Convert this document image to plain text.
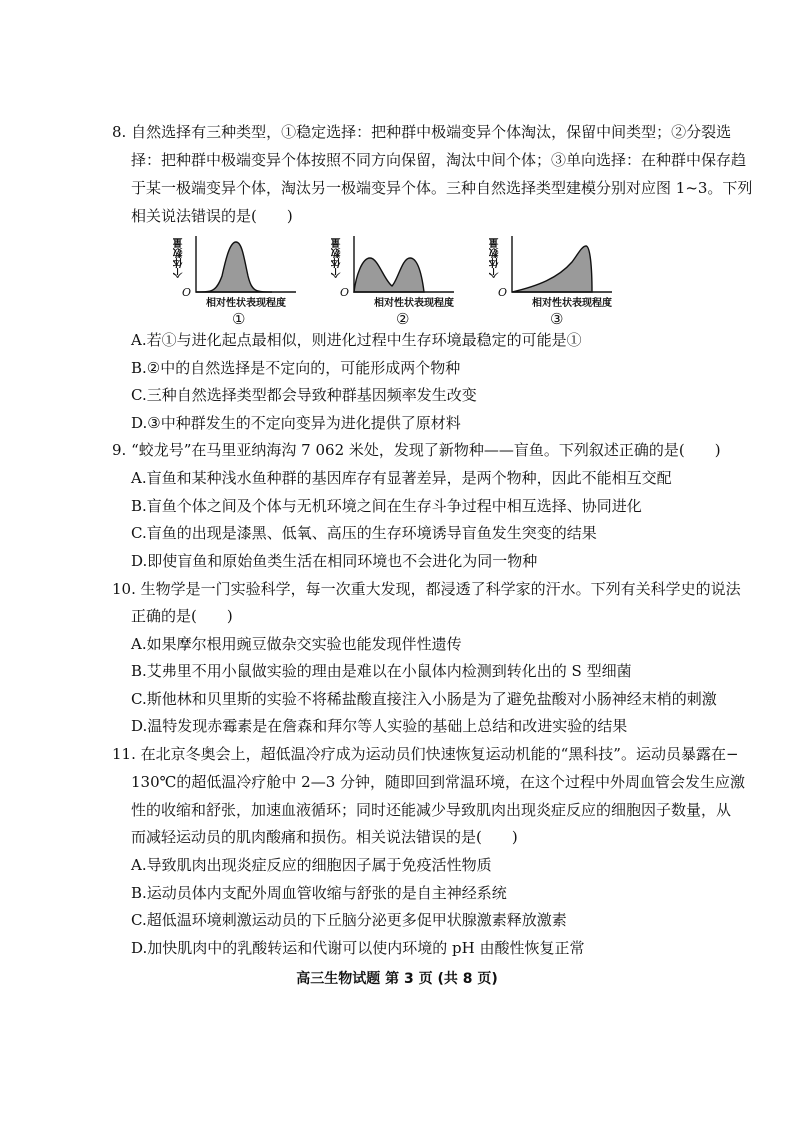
8. 自然选择有三种类型，①稳定选择：把种群中极端变异个体淘汰，保留中间类型；②分裂选
择：把种群中极端变异个体按照不同方向保留，淘汰中间个体；③单向选择：在种群中保存趋
于某一极端变异个体，淘汰另一极端变异个体。三种自然选择类型建模分别对应图 1~3。下列
相关说法错误的是(　　)
个体数量
O
相对性状表现程度
①
个体数量
O
相对性状表现程度
②
个体数量
O
相对性状表现程度
③
A.若①与进化起点最相似，则进化过程中生存环境最稳定的可能是①
B.②中的自然选择是不定向的，可能形成两个物种
C.三种自然选择类型都会导致种群基因频率发生改变
D.③中种群发生的不定向变异为进化提供了原材料
9. “蛟龙号”在马里亚纳海沟 7 062 米处，发现了新物种——盲鱼。下列叙述正确的是(　　)
A.盲鱼和某种浅水鱼种群的基因库存有显著差异，是两个物种，因此不能相互交配
B.盲鱼个体之间及个体与无机环境之间在生存斗争过程中相互选择、协同进化
C.盲鱼的出现是漆黑、低氧、高压的生存环境诱导盲鱼发生突变的结果
D.即使盲鱼和原始鱼类生活在相同环境也不会进化为同一物种
10. 生物学是一门实验科学，每一次重大发现，都浸透了科学家的汗水。下列有关科学史的说法
正确的是(　　)
A.如果摩尔根用豌豆做杂交实验也能发现伴性遗传
B.艾弗里不用小鼠做实验的理由是难以在小鼠体内检测到转化出的 S 型细菌
C.斯他林和贝里斯的实验不将稀盐酸直接注入小肠是为了避免盐酸对小肠神经末梢的刺激
D.温特发现赤霉素是在詹森和拜尔等人实验的基础上总结和改进实验的结果
11. 在北京冬奥会上，超低温冷疗成为运动员们快速恢复运动机能的“黑科技”。运动员暴露在−
130℃的超低温冷疗舱中 2—3 分钟，随即回到常温环境，在这个过程中外周血管会发生应激
性的收缩和舒张，加速血液循环；同时还能减少导致肌肉出现炎症反应的细胞因子数量，从
而减轻运动员的肌肉酸痛和损伤。相关说法错误的是(　　)
A.导致肌肉出现炎症反应的细胞因子属于免疫活性物质
B.运动员体内支配外周血管收缩与舒张的是自主神经系统
C.超低温环境刺激运动员的下丘脑分泌更多促甲状腺激素释放激素
D.加快肌肉中的乳酸转运和代谢可以使内环境的 pH 由酸性恢复正常
高三生物试题 第 3 页 (共 8 页)
